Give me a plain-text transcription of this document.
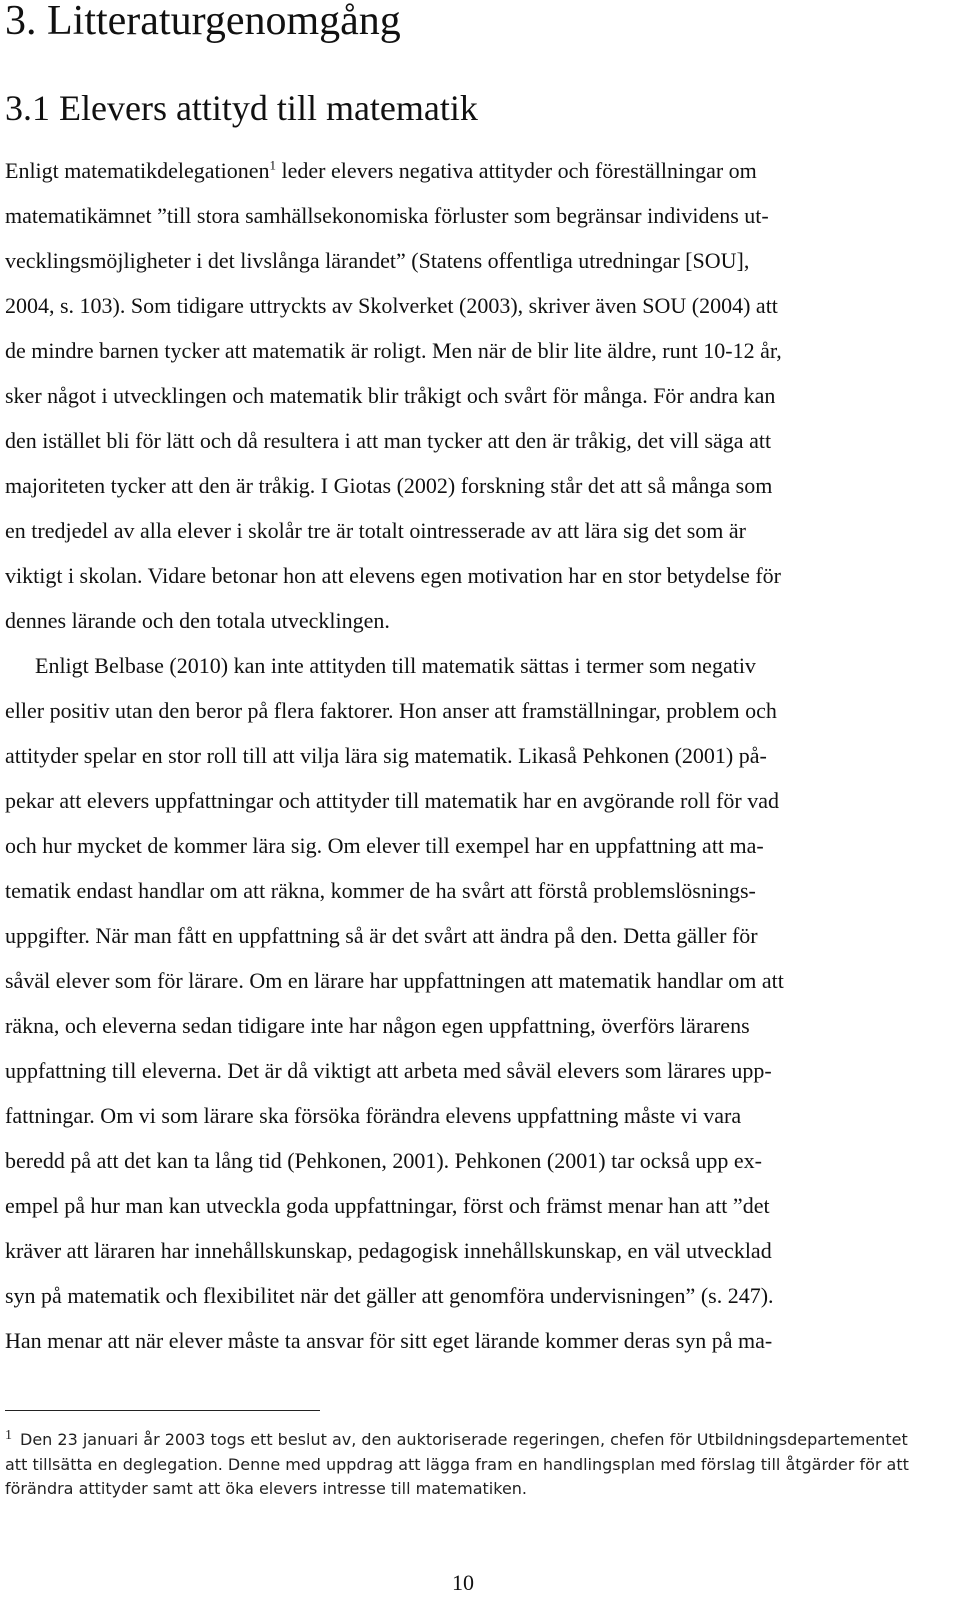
3. Litteraturgenomgång
3.1 Elevers attityd till matematik

Enligt matematikdelegationen$^1$ leder elevers negativa attityder och föreställningar om

matematikämnet ”till stora samhällsekonomiska förluster som begränsar individens ut-

vecklingsmöjligheter i det livslånga lärandet” (Statens offentliga utredningar [SOU],

2004, s. 103). Som tidigare uttryckts av Skolverket (2003), skriver även SOU (2004) att

de mindre barnen tycker att matematik är roligt. Men när de blir lite äldre, runt 10-12 år,

sker något i utvecklingen och matematik blir tråkigt och svårt för många. För andra kan

den istället bli för lätt och då resultera i att man tycker att den är tråkig, det vill säga att

majoriteten tycker att den är tråkig. I Giotas (2002) forskning står det att så många som

en tredjedel av alla elever i skolår tre är totalt ointresserade av att lära sig det som är

viktigt i skolan. Vidare betonar hon att elevens egen motivation har en stor betydelse för

dennes lärande och den totala utvecklingen.

Enligt Belbase (2010) kan inte attityden till matematik sättas i termer som negativ

eller positiv utan den beror på flera faktorer. Hon anser att framställningar, problem och

attityder spelar en stor roll till att vilja lära sig matematik. Likaså Pehkonen (2001) på-

pekar att elevers uppfattningar och attityder till matematik har en avgörande roll för vad

och hur mycket de kommer lära sig. Om elever till exempel har en uppfattning att ma-

tematik endast handlar om att räkna, kommer de ha svårt att förstå problemslösnings-

uppgifter. När man fått en uppfattning så är det svårt att ändra på den. Detta gäller för

såväl elever som för lärare. Om en lärare har uppfattningen att matematik handlar om att

räkna, och eleverna sedan tidigare inte har någon egen uppfattning, överförs lärarens

uppfattning till eleverna. Det är då viktigt att arbeta med såväl elevers som lärares upp-

fattningar. Om vi som lärare ska försöka förändra elevens uppfattning måste vi vara

beredd på att det kan ta lång tid (Pehkonen, 2001). Pehkonen (2001) tar också upp ex-

empel på hur man kan utveckla goda uppfattningar, först och främst menar han att ”det

kräver att läraren har innehållskunskap, pedagogisk innehållskunskap, en väl utvecklad

syn på matematik och flexibilitet när det gäller att genomföra undervisningen” (s. 247).

Han menar att när elever måste ta ansvar för sitt eget lärande kommer deras syn på ma-

1 Den 23 januari år 2003 togs ett beslut av, den auktoriserade regeringen, chefen för Utbildningsdepartementet

att tillsätta en deglegation. Denne med uppdrag att lägga fram en handlingsplan med förslag till åtgärder för att

förändra attityder samt att öka elevers intresse till matematiken.

10
